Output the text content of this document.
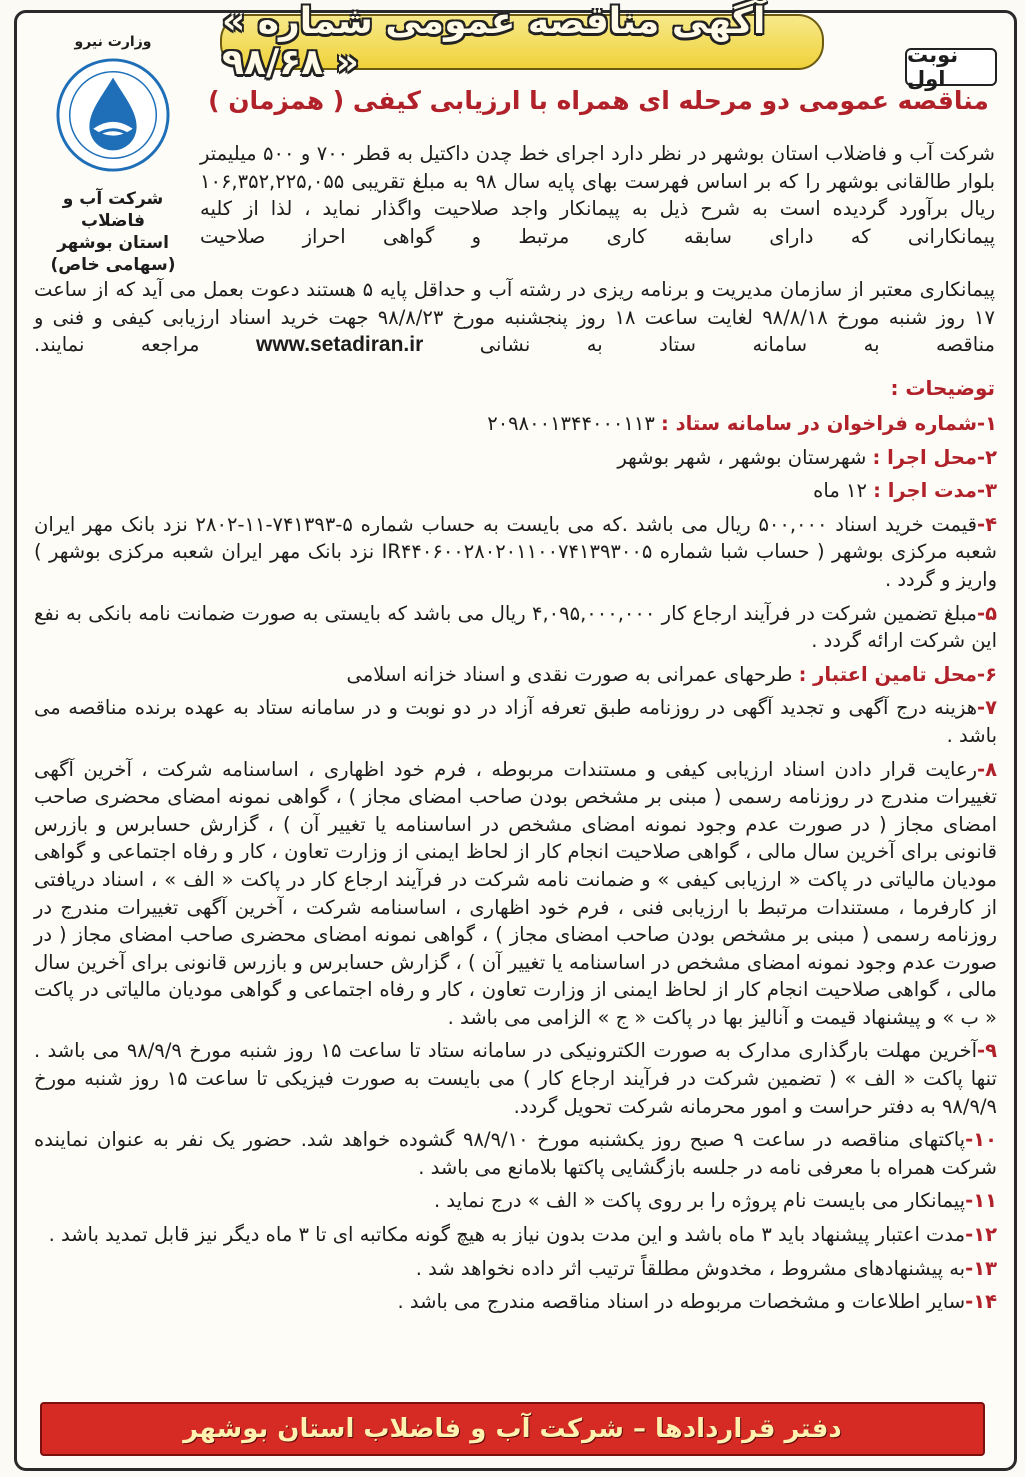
« آگهی مناقصه عمومی شماره ۹۸/۶۸ »	نوبت اول
وزارت نیرو
شرکت آب و فاضلاب
استان بوشهر
(سهامی خاص)
مناقصه عمومی دو مرحله ای همراه با ارزیابی کیفی ( همزمان )
شرکت آب و فاضلاب استان بوشهر در نظر دارد اجرای خط چدن داکتیل به قطر ۷۰۰ و ۵۰۰ میلیمتر بلوار طالقانی بوشهر را که بر اساس فهرست بهای پایه سال ۹۸ به مبلغ تقریبی ۱۰۶,۳۵۲,۲۲۵,۰۵۵ ریال برآورد گردیده است به شرح ذیل به پیمانکار واجد صلاحیت واگذار نماید ، لذا از کلیه پیمانکارانی که دارای سابقه کاری مرتبط و گواهی احراز صلاحیت
پیمانکاری معتبر از سازمان مدیریت و برنامه ریزی در رشته آب و حداقل پایه ۵ هستند دعوت بعمل می آید که از ساعت ۱۷ روز شنبه مورخ ۹۸/۸/۱۸ لغایت ساعت ۱۸ روز پنجشنبه مورخ ۹۸/۸/۲۳ جهت خرید اسناد ارزیابی کیفی و فنی و مناقصه به سامانه ستاد به نشانی www.setadiran.ir مراجعه نمایند.
توضیحات :
۱-شماره فراخوان در سامانه ستاد : ۲۰۹۸۰۰۱۳۴۴۰۰۰۱۱۳
۲-محل اجرا : شهرستان بوشهر ، شهر بوشهر
۳-مدت اجرا : ۱۲ ماه
۴-قیمت خرید اسناد ۵۰۰,۰۰۰ ریال می باشد .که می بایست به حساب شماره ۵-۷۴۱۳۹۳-۱۱-۲۸۰۲ نزد بانک مهر ایران شعبه مرکزی بوشهر ( حساب شبا شماره IR۴۴۰۶۰۰۲۸۰۲۰۱۱۰۰۷۴۱۳۹۳۰۰۵ نزد بانک مهر ایران شعبه مرکزی بوشهر ) واریز و گردد .
۵-مبلغ تضمین شرکت در فرآیند ارجاع کار ۴,۰۹۵,۰۰۰,۰۰۰ ریال می باشد که بایستی به صورت ضمانت نامه بانکی به نفع این شرکت ارائه گردد .
۶-محل تامین اعتبار : طرحهای عمرانی به صورت نقدی و اسناد خزانه اسلامی
۷-هزینه درج آگهی و تجدید آگهی در روزنامه طبق تعرفه آزاد در دو نوبت و در سامانه ستاد به عهده برنده مناقصه می باشد .
۸-رعایت قرار دادن اسناد ارزیابی کیفی و مستندات مربوطه ، فرم خود اظهاری ، اساسنامه شرکت ، آخرین آگهی تغییرات مندرج در روزنامه رسمی ( مبنی بر مشخص بودن صاحب امضای مجاز ) ، گواهی نمونه امضای محضری صاحب امضای مجاز ( در صورت عدم وجود نمونه امضای مشخص در اساسنامه یا تغییر آن ) ، گزارش حسابرس و بازرس قانونی برای آخرین سال مالی ، گواهی صلاحیت انجام کار از لحاظ ایمنی از وزارت تعاون ، کار و رفاه اجتماعی و گواهی مودیان مالیاتی در پاکت « ارزیابی کیفی » و ضمانت نامه شرکت در فرآیند ارجاع کار در پاکت « الف » ، اسناد دریافتی از کارفرما ، مستندات مرتبط با ارزیابی فنی ، فرم خود اظهاری ، اساسنامه شرکت ، آخرین آگهی تغییرات مندرج در روزنامه رسمی ( مبنی بر مشخص بودن صاحب امضای مجاز ) ، گواهی نمونه امضای محضری صاحب امضای مجاز ( در صورت عدم وجود نمونه امضای مشخص در اساسنامه یا تغییر آن ) ، گزارش حسابرس و بازرس قانونی برای آخرین سال مالی ، گواهی صلاحیت انجام کار از لحاظ ایمنی از وزارت تعاون ، کار و رفاه اجتماعی و گواهی مودیان مالیاتی در پاکت « ب » و پیشنهاد قیمت و آنالیز بها در پاکت « ج » الزامی می باشد .
۹-آخرین مهلت بارگذاری مدارک به صورت الکترونیکی در سامانه ستاد تا ساعت ۱۵ روز شنبه مورخ ۹۸/۹/۹ می باشد . تنها پاکت « الف » ( تضمین شرکت در فرآیند ارجاع کار ) می بایست به صورت فیزیکی تا ساعت ۱۵ روز شنبه مورخ ۹۸/۹/۹ به دفتر حراست و امور محرمانه شرکت تحویل گردد.
۱۰-پاکتهای مناقصه در ساعت ۹ صبح روز یکشنبه مورخ ۹۸/۹/۱۰ گشوده خواهد شد. حضور یک نفر به عنوان نماینده شرکت همراه با معرفی نامه در جلسه بازگشایی پاکتها بلامانع می باشد .
۱۱-پیمانکار می بایست نام پروژه را بر روی پاکت « الف » درج نماید .
۱۲-مدت اعتبار پیشنهاد باید ۳ ماه باشد و این مدت بدون نیاز به هیچ گونه مکاتبه ای تا ۳ ماه دیگر نیز قابل تمدید باشد .
۱۳-به پیشنهادهای مشروط ، مخدوش مطلقاً ترتیب اثر داده نخواهد شد .
۱۴-سایر اطلاعات و مشخصات مربوطه در اسناد مناقصه مندرج می باشد .
دفتر قراردادها – شرکت آب و فاضلاب استان بوشهر
